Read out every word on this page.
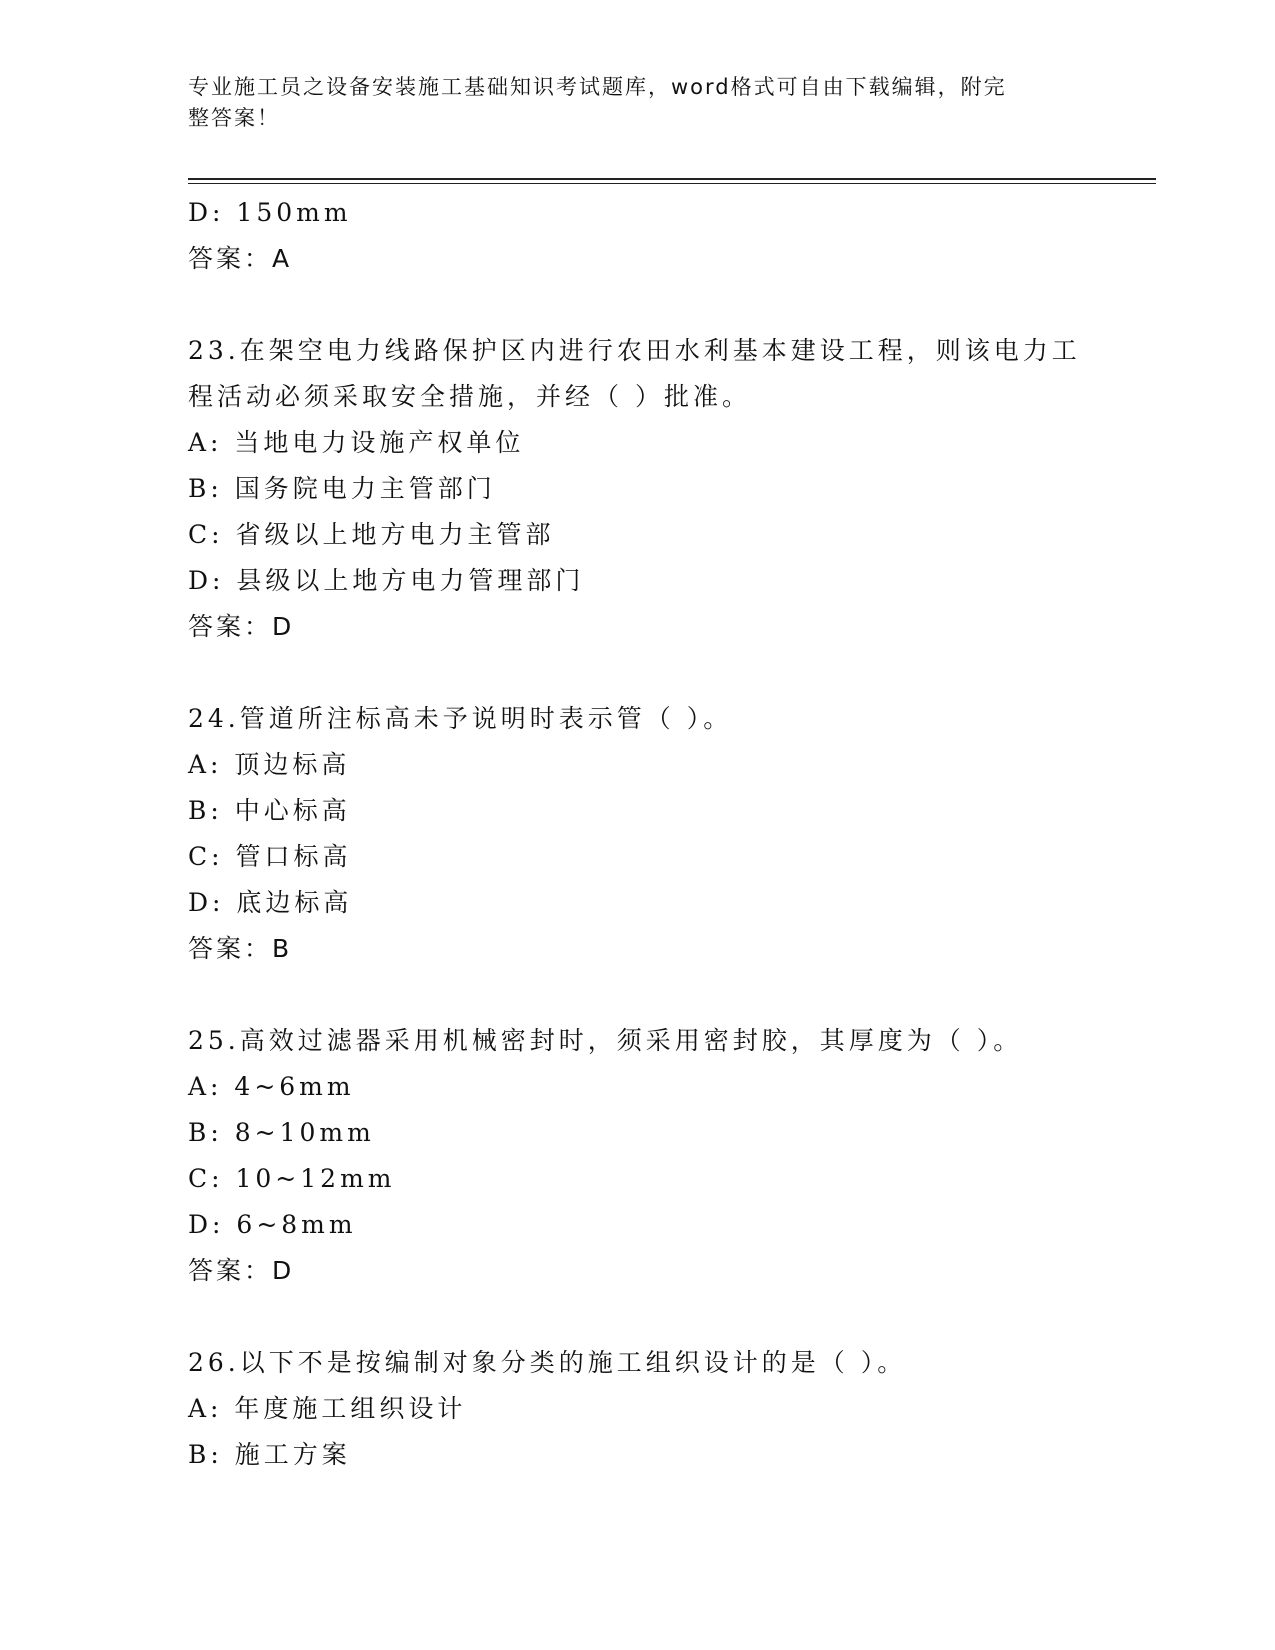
专业施工员之设备安装施工基础知识考试题库，word格式可自由下载编辑，附完
整答案！
D: 150mm
答案：A
23.在架空电力线路保护区内进行农田水利基本建设工程，则该电力工
程活动必须采取安全措施，并经（ ）批准。
A: 当地电力设施产权单位
B: 国务院电力主管部门
C: 省级以上地方电力主管部
D: 县级以上地方电力管理部门
答案：D
24.管道所注标高未予说明时表示管（ ）。
A: 顶边标高
B: 中心标高
C: 管口标高
D: 底边标高
答案：B
25.高效过滤器采用机械密封时，须采用密封胶，其厚度为（ ）。
A: 4~6mm
B: 8~10mm
C: 10~12mm
D: 6~8mm
答案：D
26.以下不是按编制对象分类的施工组织设计的是（ ）。
A: 年度施工组织设计
B: 施工方案
